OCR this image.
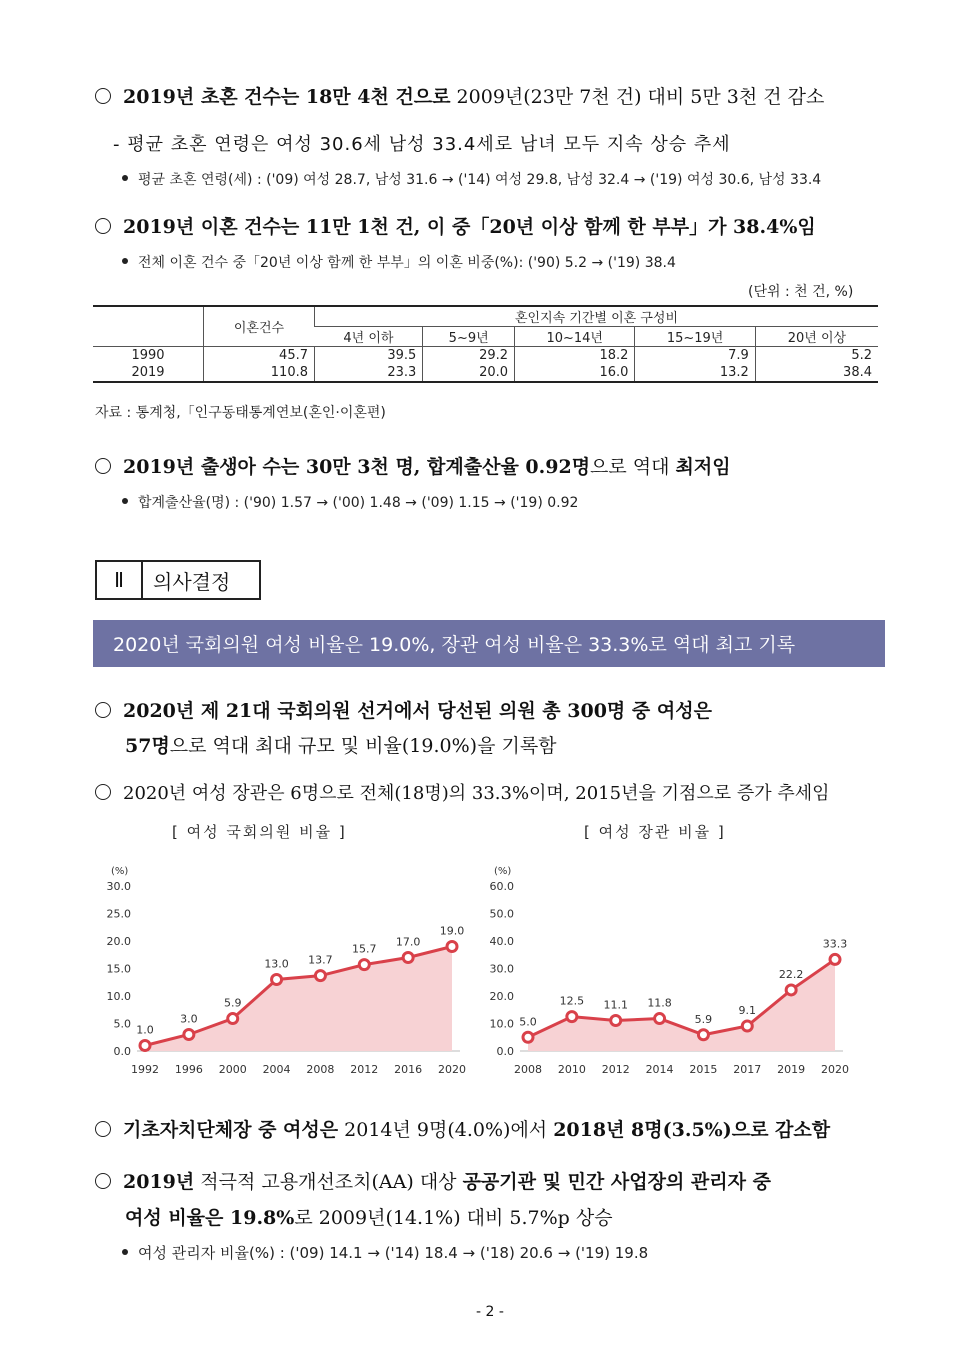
2019년 초혼 건수는 18만 4천 건으로 2009년(23만 7천 건) 대비 5만 3천 건 감소
- 평균 초혼 연령은 여성 30.6세 남성 33.4세로 남녀 모두 지속 상승 추세
평균 초혼 연령(세) : ('09) 여성 28.7, 남성 31.6 → ('14) 여성 29.8, 남성 32.4 → ('19) 여성 30.6, 남성 33.4
2019년 이혼 건수는 11만 1천 건, 이 중「20년 이상 함께 한 부부」가 38.4%임
전체 이혼 건수 중「20년 이상 함께 한 부부」의 이혼 비중(%): ('90) 5.2 → ('19) 38.4
(단위 : 천 건, %)
	이혼건수	혼인지속 기간별 이혼 구성비				
		4년 이하	5~9년	10~14년	15~19년	20년 이상
1990	45.7	39.5	29.2	18.2	7.9	5.2
2019	110.8	23.3	20.0	16.0	13.2	38.4
자료 : 통계청,「인구동태통계연보(혼인·이혼편)
2019년 출생아 수는 30만 3천 명, 합계출산율 0.92명으로 역대 최저임
합계출산율(명) : ('90) 1.57 → ('00) 1.48 → ('09) 1.15 → ('19) 0.92
Ⅱ	의사결정
2020년 국회의원 여성 비율은 19.0%, 장관 여성 비율은 33.3%로 역대 최고 기록
2020년 제 21대 국회의원 선거에서 당선된 의원 총 300명 중 여성은
57명으로 역대 최대 규모 및 비율(19.0%)을 기록함
2020년 여성 장관은 6명으로 전체(18명)의 33.3%이며, 2015년을 기점으로 증가 추세임
[ 여성 국회의원 비율 ]	[ 여성 장관 비율 ]
(%)
30.0
25.0
20.0
15.0
10.0
5.0
0.0
1.0
1992
3.0
1996
5.9
2000
13.0
2004
13.7
2008
15.7
2012
17.0
2016
19.0
2020
(%)
60.0
50.0
40.0
30.0
20.0
10.0
0.0
5.0
2008
12.5
2010
11.1
2012
11.8
2014
5.9
2015
9.1
2017
22.2
2019
33.3
2020
기초자치단체장 중 여성은 2014년 9명(4.0%)에서 2018년 8명(3.5%)으로 감소함
2019년 적극적 고용개선조치(AA) 대상 공공기관 및 민간 사업장의 관리자 중
여성 비율은 19.8%로 2009년(14.1%) 대비 5.7%p 상승
여성 관리자 비율(%) : ('09) 14.1 → ('14) 18.4 → ('18) 20.6 → ('19) 19.8
- 2 -
